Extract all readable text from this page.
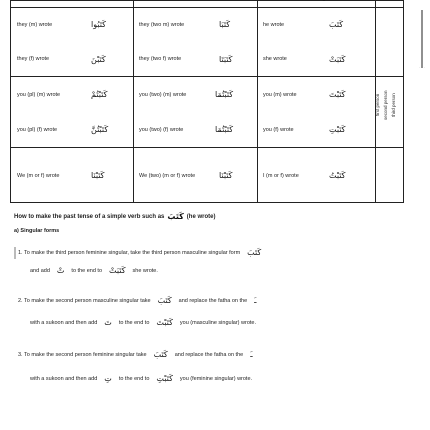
they (m) wrote	كَتَبُوا	they (two m) wrote	كَتَبَا	he wrote	كَتَبَ
they (f) wrote	كَتَبْنَ	they (two f) wrote	كَتَبَتَا	she wrote	كَتَبَتْ
you (pl) (m) wrote	كَتَبْتُمْ	you (two) (m) wrote	كَتَبْتُمَا	you (m) wrote	كَتَبْتَ
you (pl) (f) wrote	كَتَبْتُنَّ	you (two) (f) wrote	كَتَبْتُمَا	you (f) wrote	كَتَبْتِ
We (m or f) wrote	كَتَبْنَا	We (two) (m or f) wrote	كَتَبْنَا	I (m or f) wrote	كَتَبْتُ
first person second person third person
How to make the past tense of a simple verb such as كَتَبَ (he wrote)
a) Singular forms
1. To make the third person feminine singular, take the third person masculine singular form كَتَبَ
and add تْ to the end to كَتَبَتْ she wrote.
2. To make the second person masculine singular take كَتَبَ and replace the fatha on the ـَ
with a sukoon and then add تَ to the end to كَتَبْتَ you (masculine singular) wrote.
3. To make the second person feminine singular take كَتَبَ and replace the fatha on the ـَ
with a sukoon and then add تِ to the end to كَتَبْتِ you (feminine singular) wrote.
